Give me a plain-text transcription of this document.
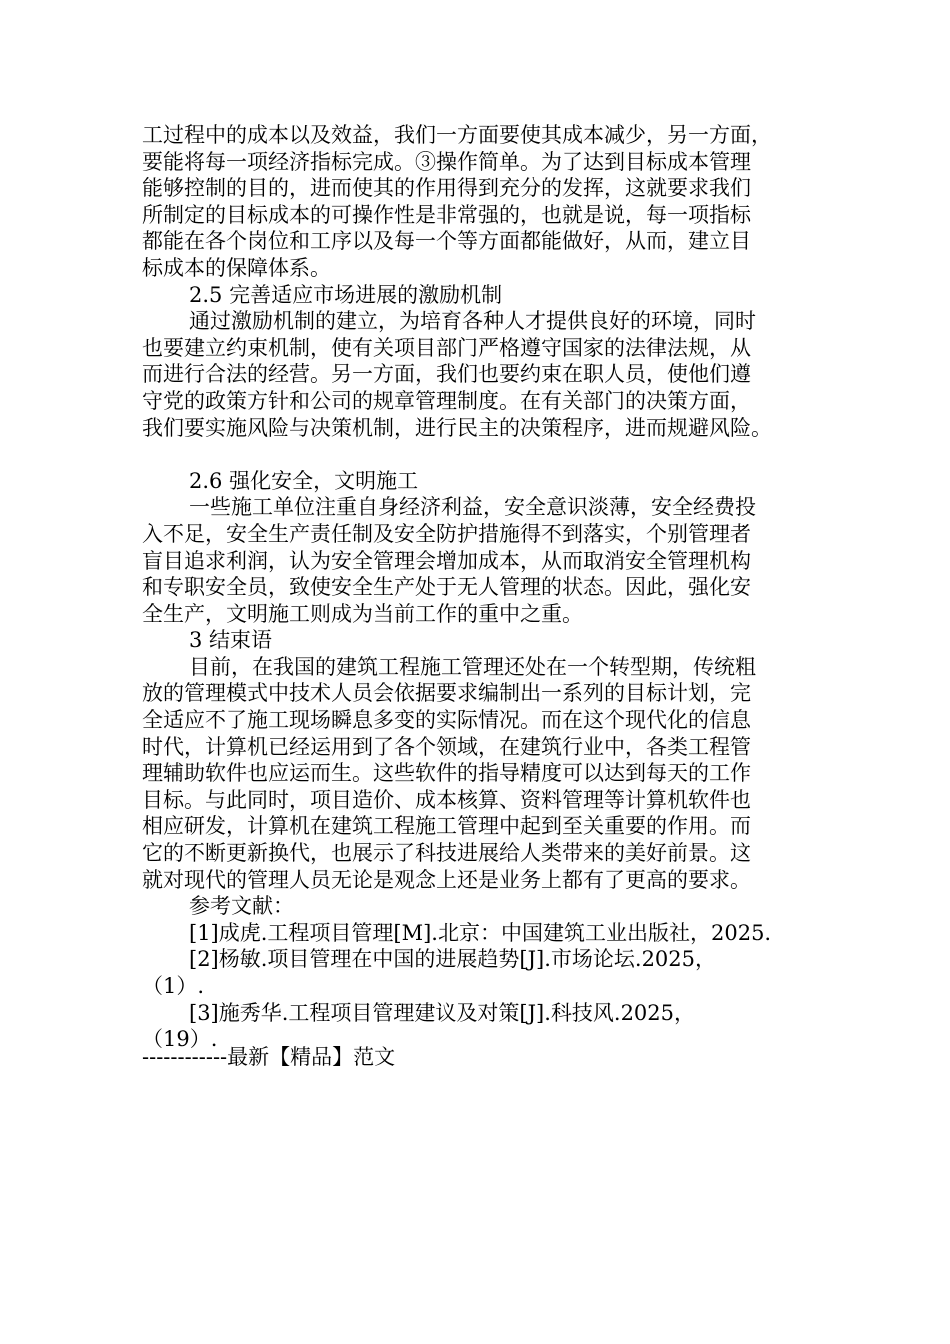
工过程中的成本以及效益，我们一方面要使其成本减少，另一方面，
要能将每一项经济指标完成。③操作简单。为了达到目标成本管理
能够控制的目的，进而使其的作用得到充分的发挥，这就要求我们
所制定的目标成本的可操作性是非常强的，也就是说，每一项指标
都能在各个岗位和工序以及每一个等方面都能做好，从而，建立目
标成本的保障体系。
2.5 完善适应市场进展的激励机制
通过激励机制的建立，为培育各种人才提供良好的环境，同时
也要建立约束机制，使有关项目部门严格遵守国家的法律法规，从
而进行合法的经营。另一方面，我们也要约束在职人员，使他们遵
守党的政策方针和公司的规章管理制度。在有关部门的决策方面，
我们要实施风险与决策机制，进行民主的决策程序，进而规避风险。
2.6 强化安全，文明施工
一些施工单位注重自身经济利益，安全意识淡薄，安全经费投
入不足，安全生产责任制及安全防护措施得不到落实，个别管理者
盲目追求利润，认为安全管理会增加成本，从而取消安全管理机构
和专职安全员，致使安全生产处于无人管理的状态。因此，强化安
全生产，文明施工则成为当前工作的重中之重。
3 结束语
目前，在我国的建筑工程施工管理还处在一个转型期，传统粗
放的管理模式中技术人员会依据要求编制出一系列的目标计划，完
全适应不了施工现场瞬息多变的实际情况。而在这个现代化的信息
时代，计算机已经运用到了各个领域，在建筑行业中，各类工程管
理辅助软件也应运而生。这些软件的指导精度可以达到每天的工作
目标。与此同时，项目造价、成本核算、资料管理等计算机软件也
相应研发，计算机在建筑工程施工管理中起到至关重要的作用。而
它的不断更新换代，也展示了科技进展给人类带来的美好前景。这
就对现代的管理人员无论是观念上还是业务上都有了更高的要求。
参考文献：
[1]成虎.工程项目管理[M].北京：中国建筑工业出版社，2025.
[2]杨敏.项目管理在中国的进展趋势[J].市场论坛.2025，
（1）.
[3]施秀华.工程项目管理建议及对策[J].科技风.2025，
（19）.
------------最新【精品】范文
